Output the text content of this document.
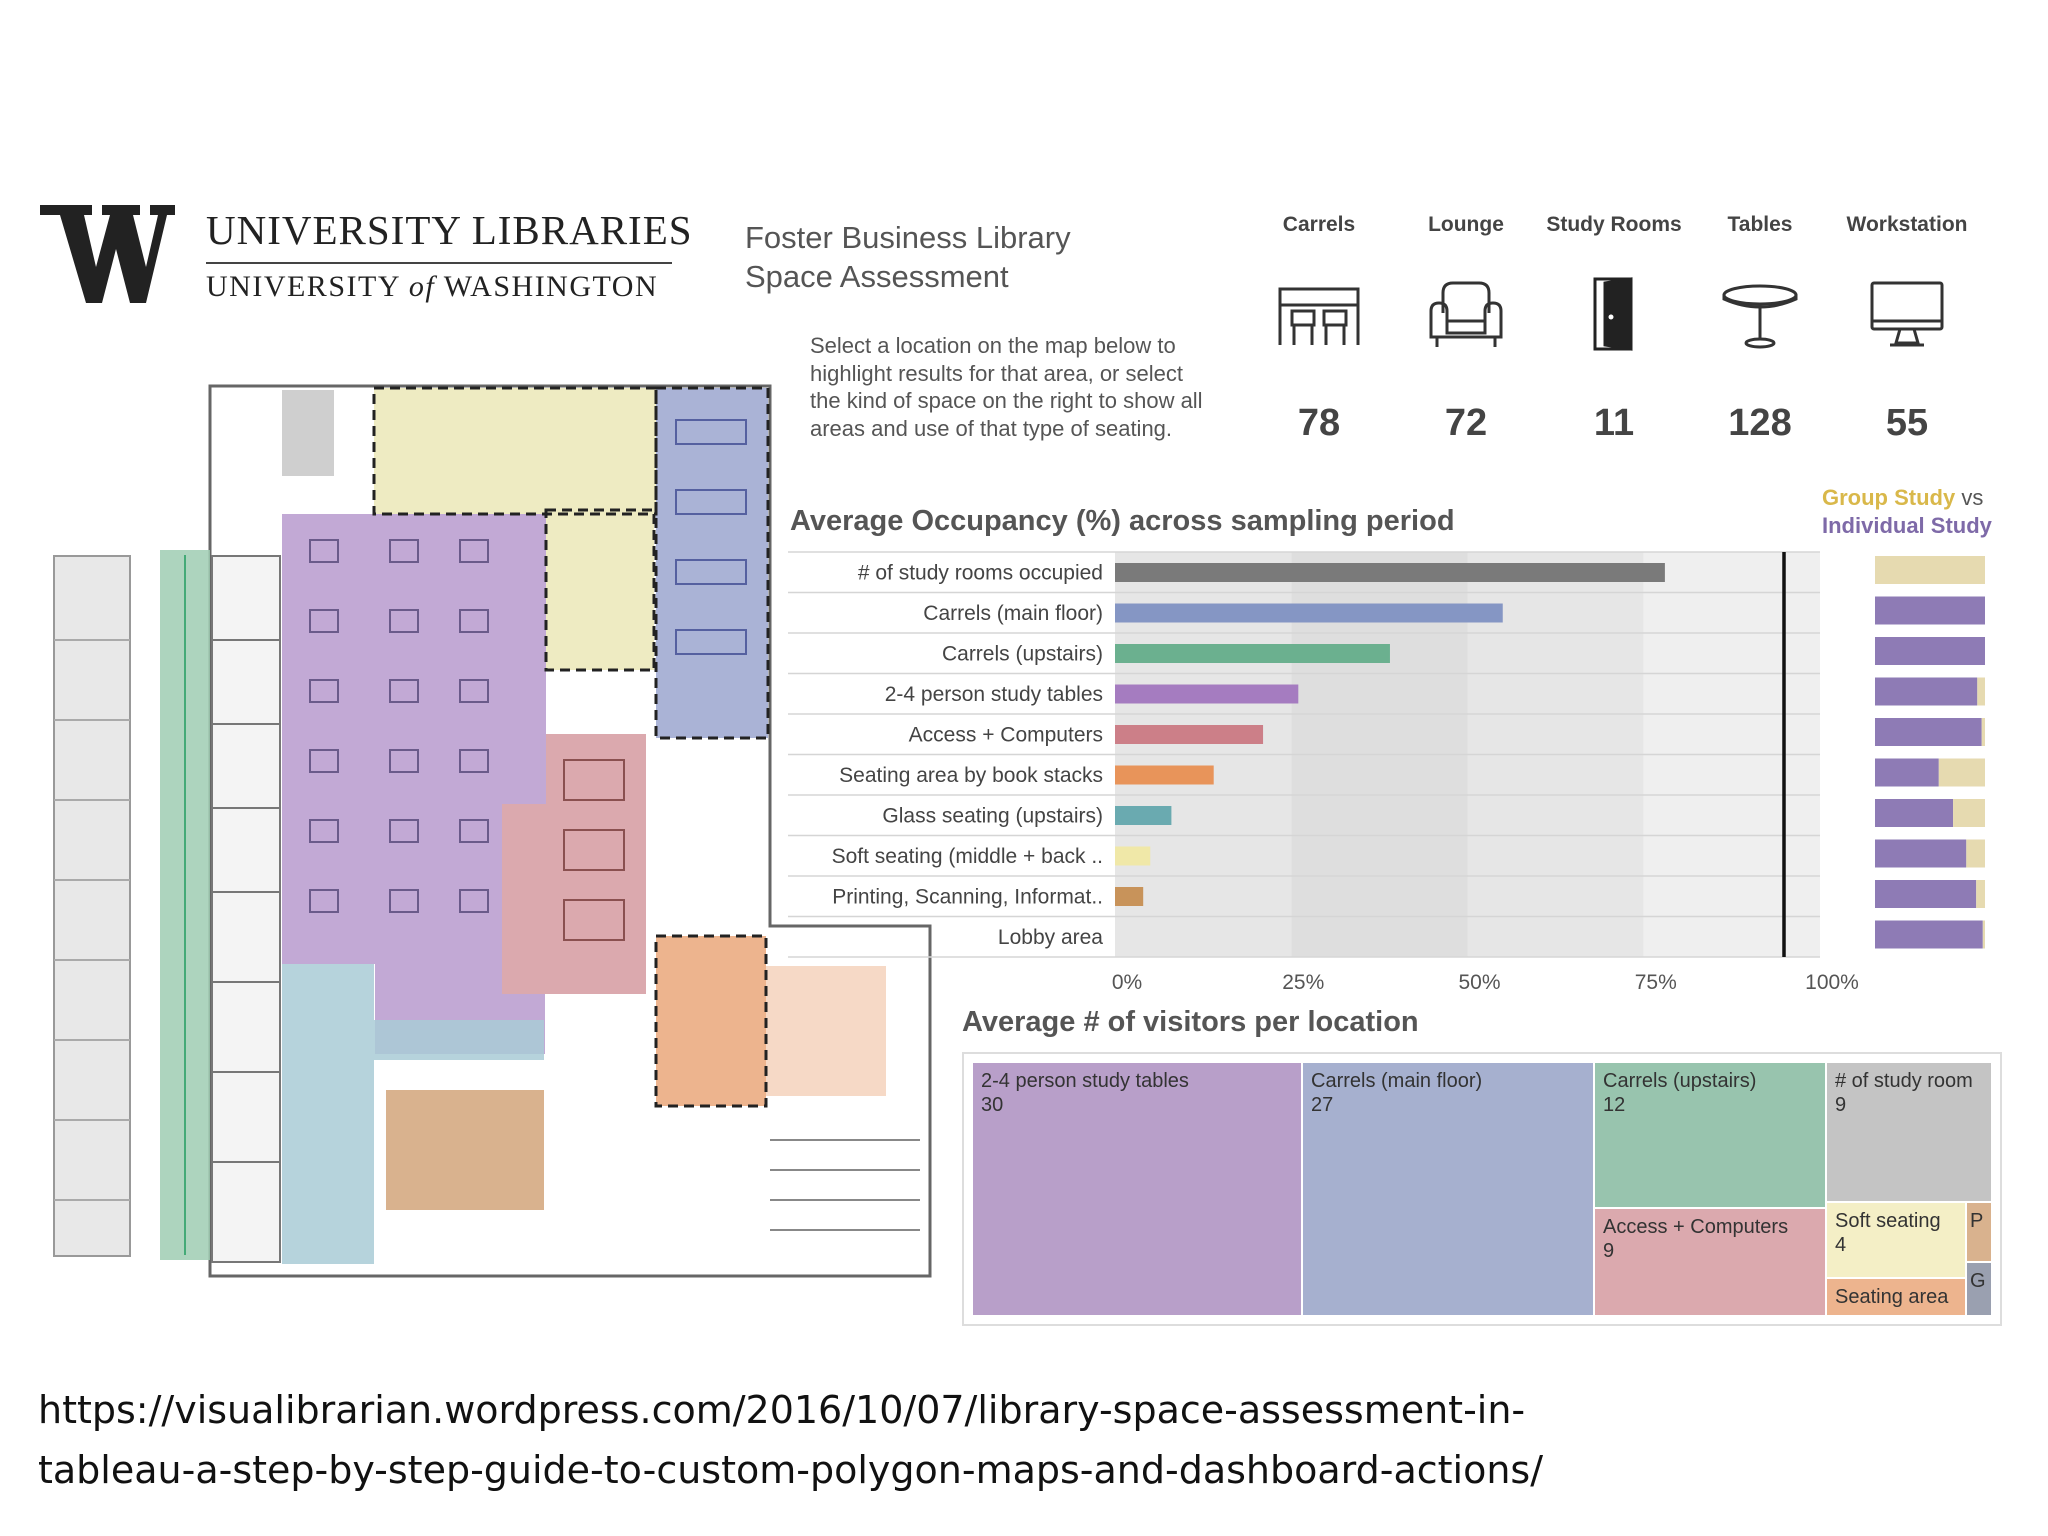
UNIVERSITY LIBRARIES
UNIVERSITY of WASHINGTON
Foster Business Library
Space Assessment
Select a location on the map below to highlight results for that area, or select the kind of space on the right to show all areas and use of that type of seating.
Carrels	Lounge	Study Rooms	Tables	Workstation
78	72	11	128	55
Average Occupancy (%) across sampling period
Group Study vs
Individual Study
# of study rooms occupied
Carrels (main floor)
Carrels (upstairs)
2-4 person study tables
Access + Computers
Seating area by book stacks
Glass seating (upstairs)
Soft seating (middle + back ..
Printing, Scanning, Informat..
Lobby area
0%	25%	50%	75%	100%
Average # of visitors per location
2-4 person study tables
30
Carrels (main floor)
27
Carrels (upstairs)
12
# of study room
9
Access + Computers
9
Soft seating
4
Seating area
P
G
https://visualibrarian.wordpress.com/2016/10/07/library-space-assessment-in-
tableau-a-step-by-step-guide-to-custom-polygon-maps-and-dashboard-actions/
